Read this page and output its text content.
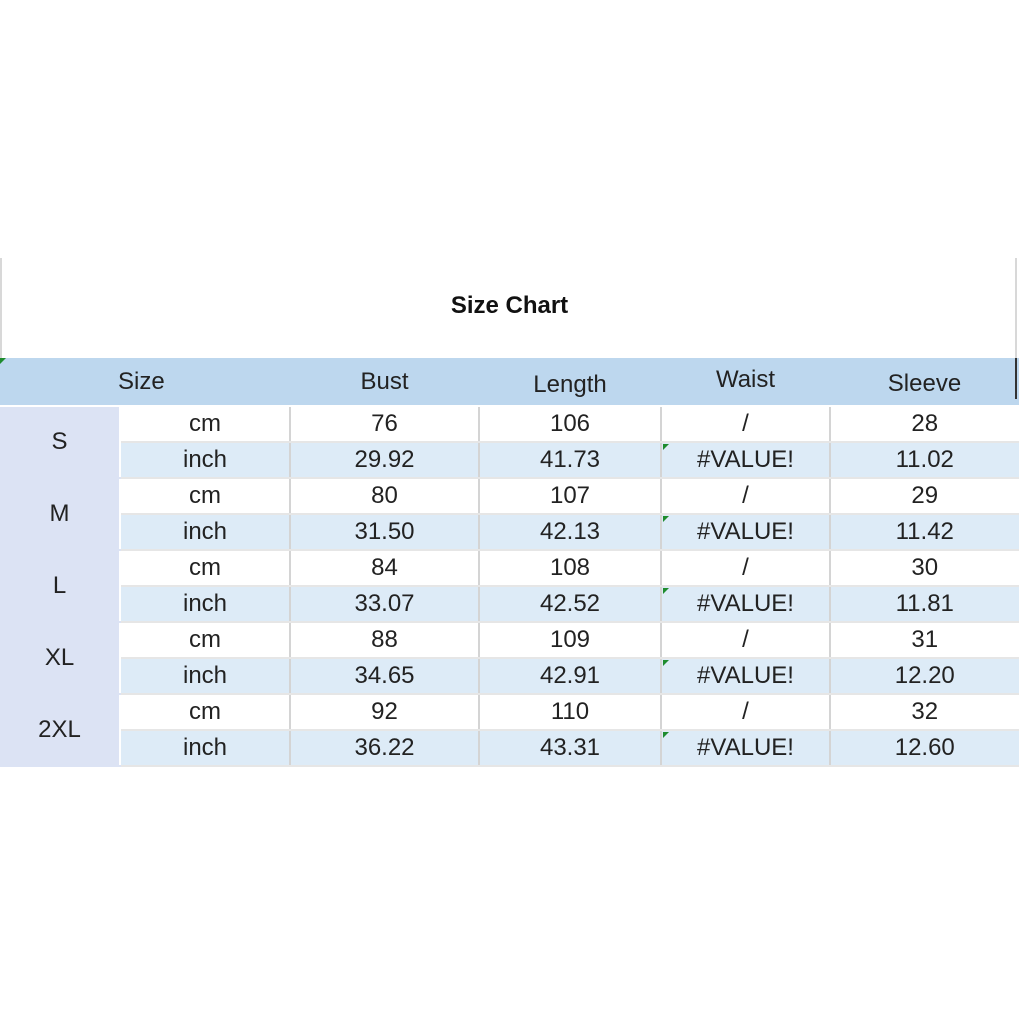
Size Chart
Size		Bust	Length	Waist	Sleeve
S	cm	76	106	/	28
	inch	29.92	41.73	#VALUE!	11.02
M	cm	80	107	/	29
	inch	31.50	42.13	#VALUE!	11.42
L	cm	84	108	/	30
	inch	33.07	42.52	#VALUE!	11.81
XL	cm	88	109	/	31
	inch	34.65	42.91	#VALUE!	12.20
2XL	cm	92	110	/	32
	inch	36.22	43.31	#VALUE!	12.60
